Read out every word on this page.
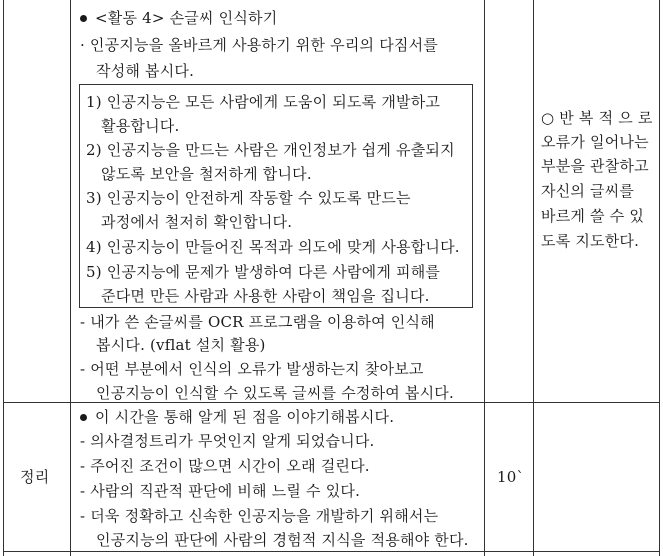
<활동 4> 손글씨 인식하기
· 인공지능을 올바르게 사용하기 위한 우리의 다짐서를
작성해 봅시다.
1) 인공지능은 모든 사람에게 도움이 되도록 개발하고
활용합니다.
2) 인공지능을 만드는 사람은 개인정보가 쉽게 유출되지
않도록 보안을 철저하게 합니다.
3) 인공지능이 안전하게 작동할 수 있도록 만드는
과정에서 철저히 확인합니다.
4) 인공지능이 만들어진 목적과 의도에 맞게 사용합니다.
5) 인공지능에 문제가 발생하여 다른 사람에게 피해를
준다면 만든 사람과 사용한 사람이 책임을 집니다.
- 내가 쓴 손글씨를 OCR 프로그램을 이용하여 인식해
봅시다. (vflat 설치 활용)
- 어떤 부분에서 인식의 오류가 발생하는지 찾아보고
인공지능이 인식할 수 있도록 글씨를 수정하여 봅시다.
○ 반 복 적 으 로
오류가 일어나는
부분을 관찰하고
자신의 글씨를
바르게 쓸 수 있
도록 지도한다.
정리
이 시간을 통해 알게 된 점을 이야기해봅시다.
- 의사결정트리가 무엇인지 알게 되었습니다.
- 주어진 조건이 많으면 시간이 오래 걸린다.
- 사람의 직관적 판단에 비해 느릴 수 있다.
- 더욱 정확하고 신속한 인공지능을 개발하기 위해서는
인공지능의 판단에 사람의 경험적 지식을 적용해야 한다.
10`
